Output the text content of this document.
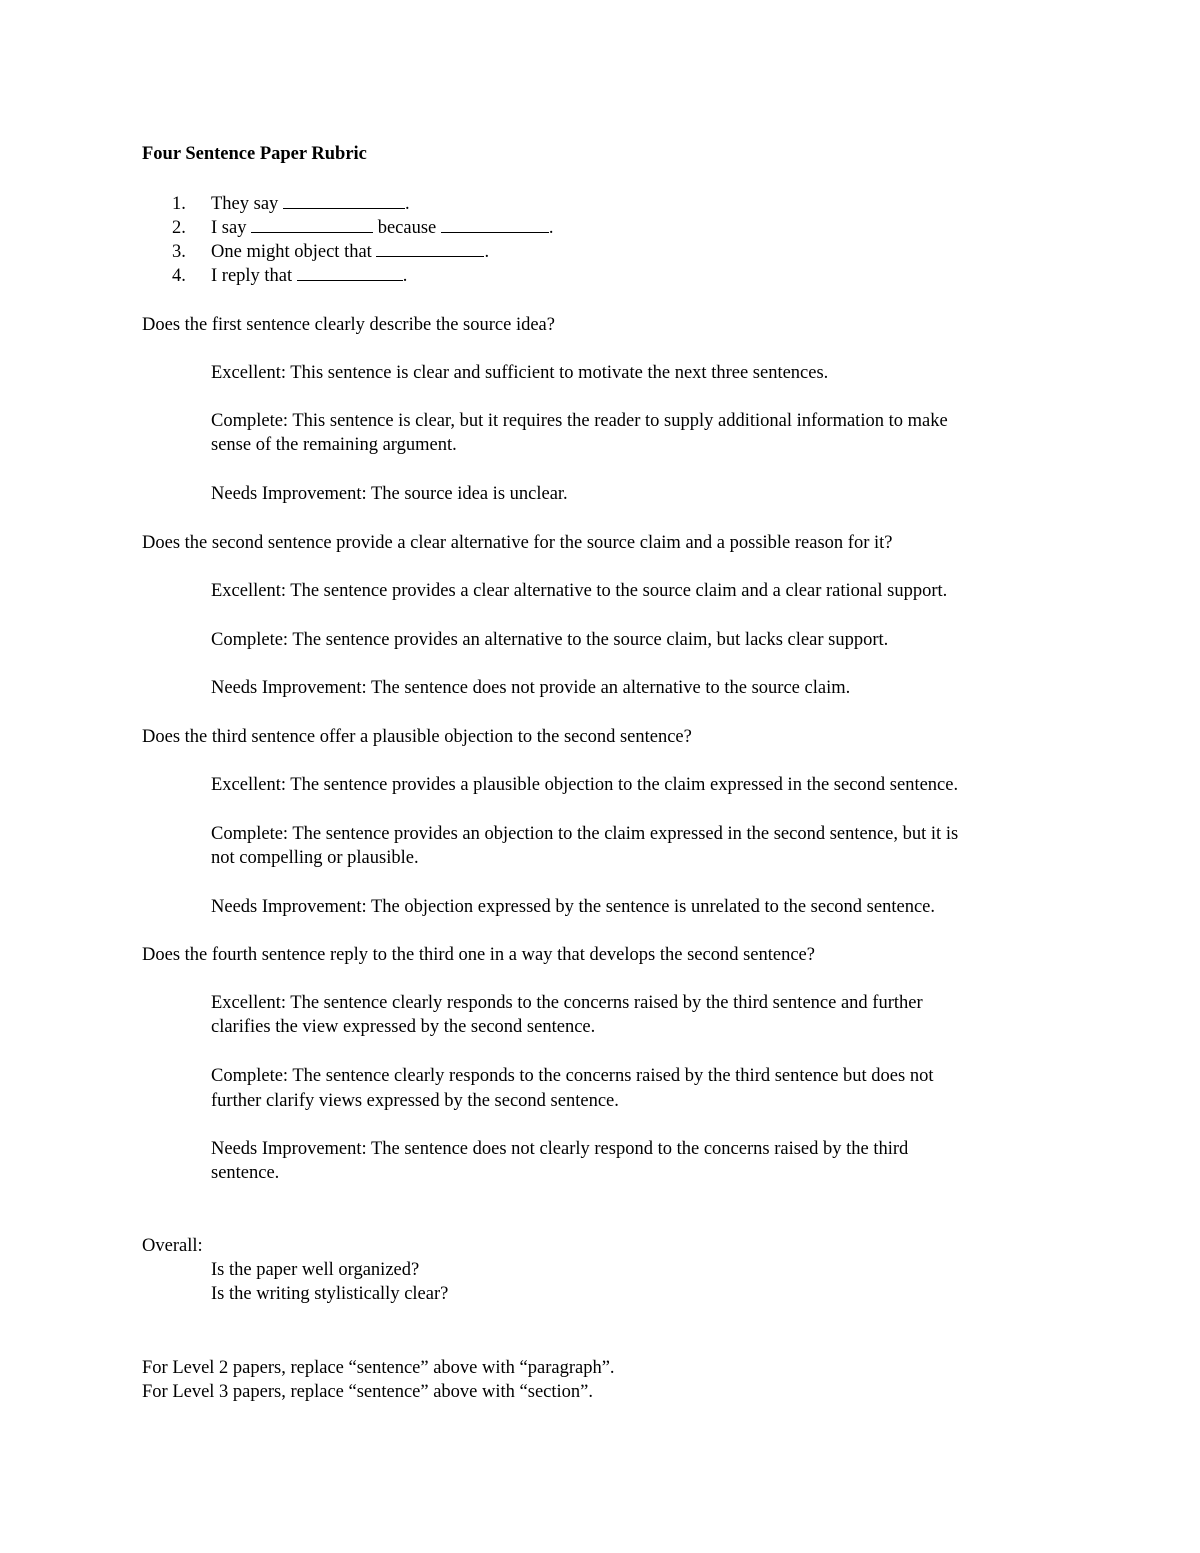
Four Sentence Paper Rubric
1. They say	.
2. I say	because	.
3. One might object that	.
4. I reply that	.
Does the first sentence clearly describe the source idea?
Excellent: This sentence is clear and sufficient to motivate the next three sentences.
Complete: This sentence is clear, but it requires the reader to supply additional information to make
sense of the remaining argument.
Needs Improvement: The source idea is unclear.
Does the second sentence provide a clear alternative for the source claim and a possible reason for it?
Excellent: The sentence provides a clear alternative to the source claim and a clear rational support.
Complete: The sentence provides an alternative to the source claim, but lacks clear support.
Needs Improvement: The sentence does not provide an alternative to the source claim.
Does the third sentence offer a plausible objection to the second sentence?
Excellent: The sentence provides a plausible objection to the claim expressed in the second sentence.
Complete: The sentence provides an objection to the claim expressed in the second sentence, but it is
not compelling or plausible.
Needs Improvement: The objection expressed by the sentence is unrelated to the second sentence.
Does the fourth sentence reply to the third one in a way that develops the second sentence?
Excellent: The sentence clearly responds to the concerns raised by the third sentence and further
clarifies the view expressed by the second sentence.
Complete: The sentence clearly responds to the concerns raised by the third sentence but does not
further clarify views expressed by the second sentence.
Needs Improvement: The sentence does not clearly respond to the concerns raised by the third
sentence.
Overall:
Is the paper well organized?
Is the writing stylistically clear?
For Level 2 papers, replace “sentence” above with “paragraph”.
For Level 3 papers, replace “sentence” above with “section”.
